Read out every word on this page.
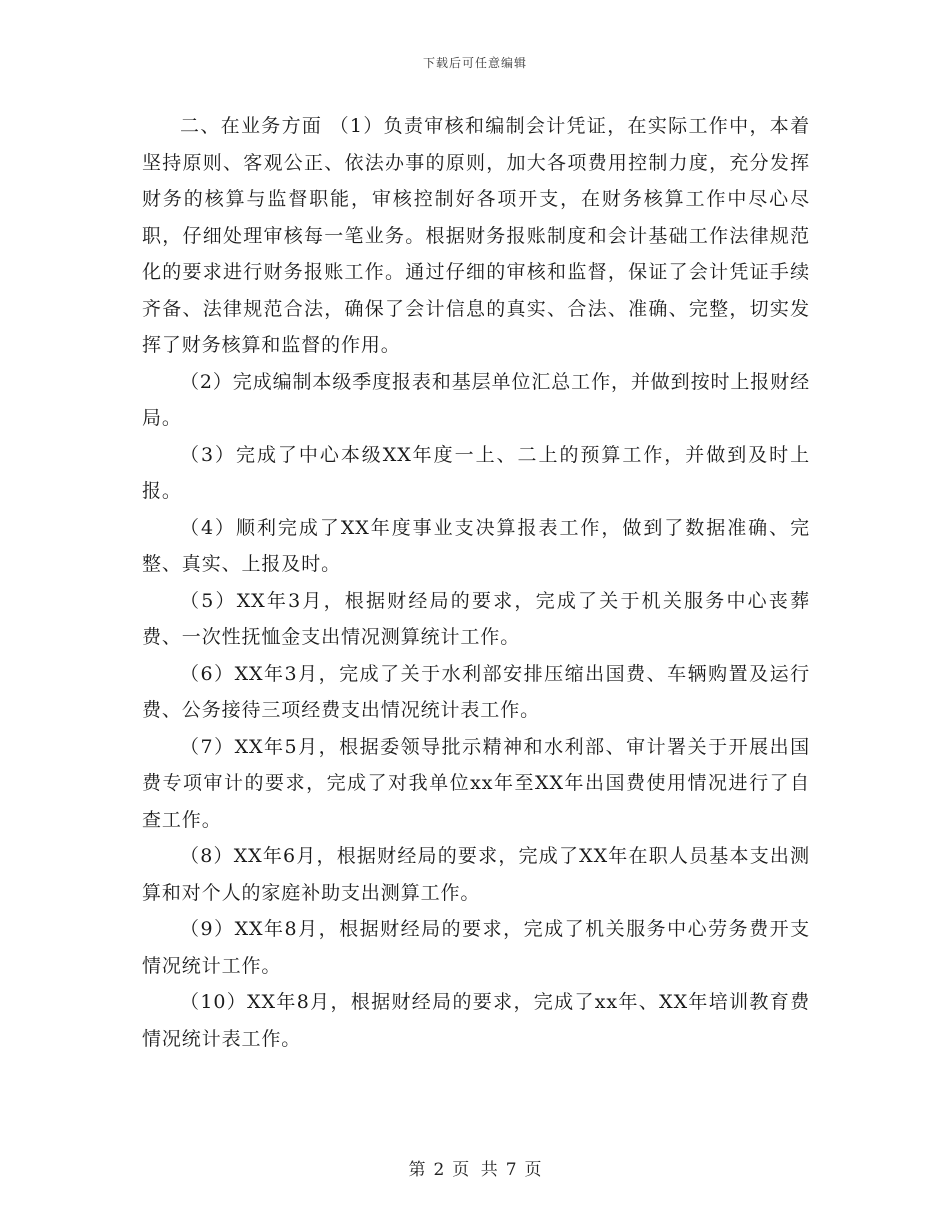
下载后可任意编辑

二、在业务方面 （1）负责审核和编制会计凭证，在实际工作中，本着坚持原则、客观公正、依法办事的原则，加大各项费用控制力度，充分发挥财务的核算与监督职能，审核控制好各项开支，在财务核算工作中尽心尽职，仔细处理审核每一笔业务。根据财务报账制度和会计基础工作法律规范化的要求进行财务报账工作。通过仔细的审核和监督，保证了会计凭证手续齐备、法律规范合法，确保了会计信息的真实、合法、准确、完整，切实发挥了财务核算和监督的作用。

（2）完成编制本级季度报表和基层单位汇总工作，并做到按时上报财经局。

（3）完成了中心本级XX年度一上、二上的预算工作，并做到及时上报。

（4）顺利完成了XX年度事业支决算报表工作，做到了数据准确、完整、真实、上报及时。

（5）XX年3月，根据财经局的要求，完成了关于机关服务中心丧葬费、一次性抚恤金支出情况测算统计工作。

（6）XX年3月，完成了关于水利部安排压缩出国费、车辆购置及运行费、公务接待三项经费支出情况统计表工作。

（7）XX年5月，根据委领导批示精神和水利部、审计署关于开展出国费专项审计的要求，完成了对我单位xx年至XX年出国费使用情况进行了自查工作。

（8）XX年6月，根据财经局的要求，完成了XX年在职人员基本支出测算和对个人的家庭补助支出测算工作。

（9）XX年8月，根据财经局的要求，完成了机关服务中心劳务费开支情况统计工作。

（10）XX年8月，根据财经局的要求，完成了xx年、XX年培训教育费情况统计表工作。

第 2 页 共 7 页
